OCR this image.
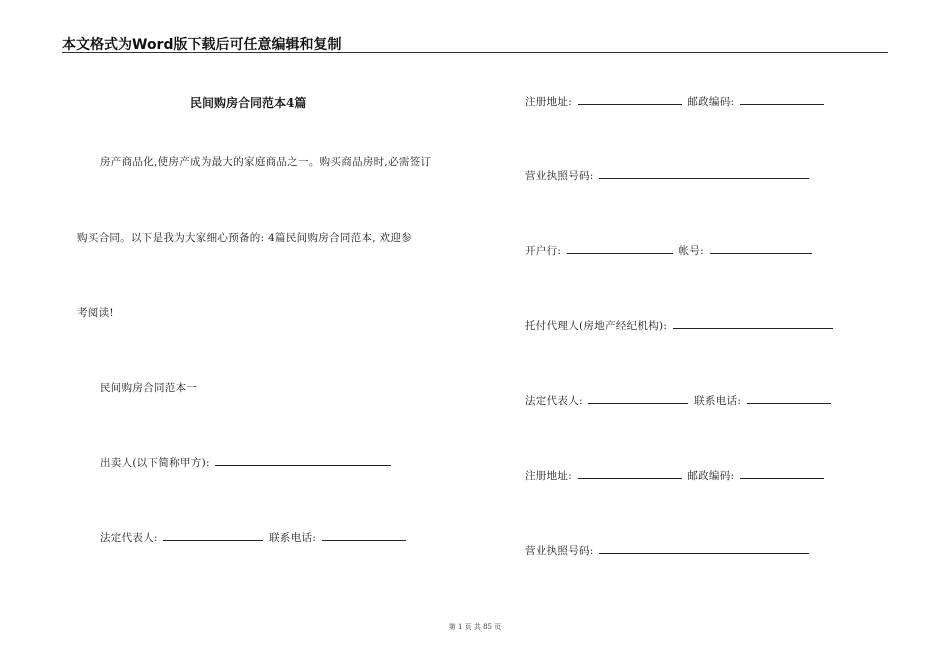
本文格式为Word版下载后可任意编辑和复制
民间购房合同范本4篇
房产商品化,使房产成为最大的家庭商品之一。购买商品房时,必需签订
购买合同。以下是我为大家细心预备的: 4篇民间购房合同范本, 欢迎参
考阅读!
民间购房合同范本一
出卖人(以下简称甲方):
法定代表人:	联系电话:
注册地址:	邮政编码:
营业执照号码:
开户行:	帐号:
托付代理人(房地产经纪机构):
法定代表人:	联系电话:
注册地址:	邮政编码:
营业执照号码:
第 1 页 共 85 页
